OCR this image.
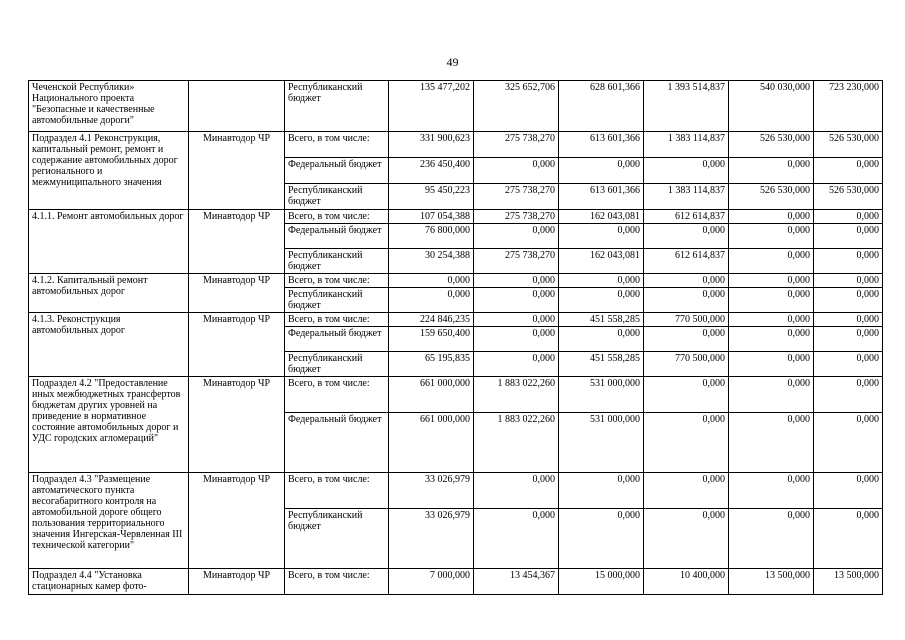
49
Чеченской Республики» Национального проекта "Безопасные и качественные автомобильные дороги"		Республиканский бюджет	135 477,202	325 652,706	628 601,366	1 393 514,837	540 030,000	723 230,000
Подраздел 4.1 Реконструкция, капитальный ремонт, ремонт и содержание автомобильных дорог регионального и межмуниципального значения	Минавтодор ЧР	Всего, в том числе:	331 900,623	275 738,270	613 601,366	1 383 114,837	526 530,000	526 530,000
		Федеральный бюджет	236 450,400	0,000	0,000	0,000	0,000	0,000
		Республиканский бюджет	95 450,223	275 738,270	613 601,366	1 383 114,837	526 530,000	526 530,000
4.1.1. Ремонт автомобильных дорог	Минавтодор ЧР	Всего, в том числе:	107 054,388	275 738,270	162 043,081	612 614,837	0,000	0,000
		Федеральный бюджет	76 800,000	0,000	0,000	0,000	0,000	0,000
		Республиканский бюджет	30 254,388	275 738,270	162 043,081	612 614,837	0,000	0,000
4.1.2. Капитальный ремонт автомобильных дорог	Минавтодор ЧР	Всего, в том числе:	0,000	0,000	0,000	0,000	0,000	0,000
		Республиканский бюджет	0,000	0,000	0,000	0,000	0,000	0,000
4.1.3. Реконструкция автомобильных дорог	Минавтодор ЧР	Всего, в том числе:	224 846,235	0,000	451 558,285	770 500,000	0,000	0,000
		Федеральный бюджет	159 650,400	0,000	0,000	0,000	0,000	0,000
		Республиканский бюджет	65 195,835	0,000	451 558,285	770 500,000	0,000	0,000
Подраздел 4.2 "Предоставление иных межбюджетных трансфертов бюджетам других уровней на приведение в нормативное состояние автомобильных дорог и УДС городских агломераций"	Минавтодор ЧР	Всего, в том числе:	661 000,000	1 883 022,260	531 000,000	0,000	0,000	0,000
		Федеральный бюджет	661 000,000	1 883 022,260	531 000,000	0,000	0,000	0,000
Подраздел 4.3 "Размещение автоматического пункта весогабаритного контроля на автомобильной дороге общего пользования территориального значения Ингерская-Червленная III технической категории"	Минавтодор ЧР	Всего, в том числе:	33 026,979	0,000	0,000	0,000	0,000	0,000
		Республиканский бюджет	33 026,979	0,000	0,000	0,000	0,000	0,000
Подраздел 4.4 "Установка стационарных камер фото-	Минавтодор ЧР	Всего, в том числе:	7 000,000	13 454,367	15 000,000	10 400,000	13 500,000	13 500,000
